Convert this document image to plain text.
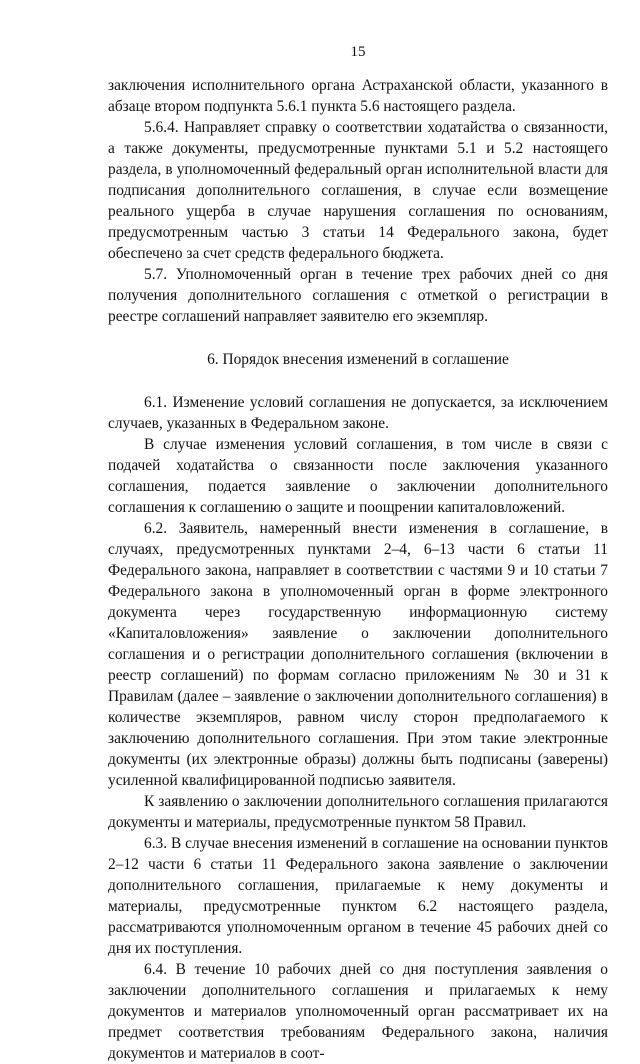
15

заключения исполнительного органа Астраханской области, указанного в абзаце втором подпункта 5.6.1 пункта 5.6 настоящего раздела.

5.6.4. Направляет справку о соответствии ходатайства о связанности, а также документы, предусмотренные пунктами 5.1 и 5.2 настоящего раздела, в уполномоченный федеральный орган исполнительной власти для подписания дополнительного соглашения, в случае если возмещение реального ущерба в случае нарушения соглашения по основаниям, предусмотренным частью 3 статьи 14 Федерального закона, будет обеспечено за счет средств федерального бюджета.

5.7. Уполномоченный орган в течение трех рабочих дней со дня получения дополнительного соглашения с отметкой о регистрации в реестре соглашений направляет заявителю его экземпляр.

6. Порядок внесения изменений в соглашение

6.1. Изменение условий соглашения не допускается, за исключением случаев, указанных в Федеральном законе.

В случае изменения условий соглашения, в том числе в связи с подачей ходатайства о связанности после заключения указанного соглашения, подается заявление о заключении дополнительного соглашения к соглашению о защите и поощрении капиталовложений.

6.2. Заявитель, намеренный внести изменения в соглашение, в случаях, предусмотренных пунктами 2–4, 6–13 части 6 статьи 11 Федерального закона, направляет в соответствии с частями 9 и 10 статьи 7 Федерального закона в уполномоченный орган в форме электронного документа через государственную информационную систему «Капиталовложения» заявление о заключении дополнительного соглашения и о регистрации дополнительного соглашения (включении в реестр соглашений) по формам согласно приложениям № 30 и 31 к Правилам (далее – заявление о заключении дополнительного соглашения) в количестве экземпляров, равном числу сторон предполагаемого к заключению дополнительного соглашения. При этом такие электронные документы (их электронные образы) должны быть подписаны (заверены) усиленной квалифицированной подписью заявителя.

К заявлению о заключении дополнительного соглашения прилагаются документы и материалы, предусмотренные пунктом 58 Правил.

6.3. В случае внесения изменений в соглашение на основании пунктов 2–12 части 6 статьи 11 Федерального закона заявление о заключении дополнительного соглашения, прилагаемые к нему документы и материалы, предусмотренные пунктом 6.2 настоящего раздела, рассматриваются уполномоченным органом в течение 45 рабочих дней со дня их поступления.

6.4. В течение 10 рабочих дней со дня поступления заявления о заключении дополнительного соглашения и прилагаемых к нему документов и материалов уполномоченный орган рассматривает их на предмет соответствия требованиям Федерального закона, наличия документов и материалов в соот-
